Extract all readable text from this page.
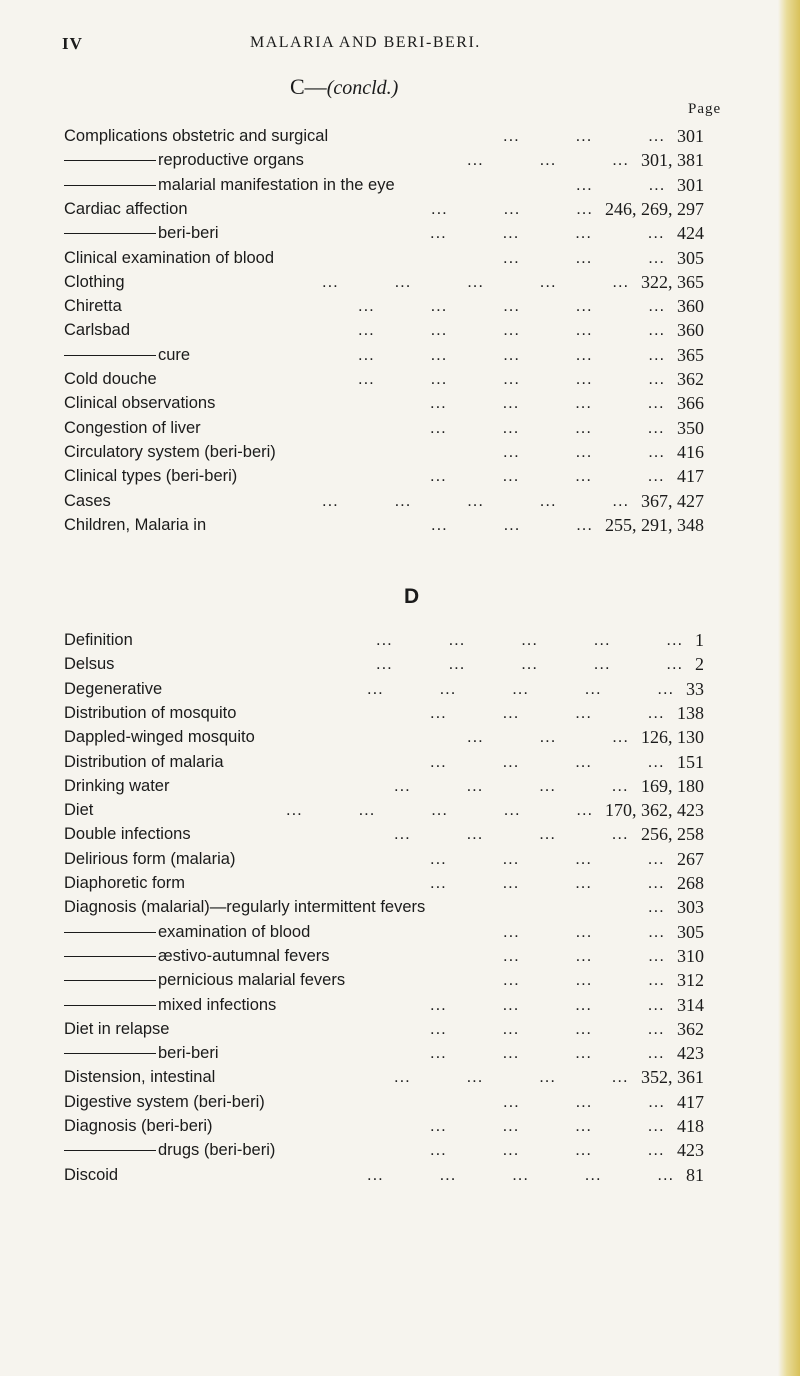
IV	MALARIA AND BERI-BERI.
C—(concld.)
Page
D
Complications obstetric and surgical	...          ...          ... 301
reproductive organs	...          ...          ... 301, 381
malarial manifestation in the eye	...          ... 301
Cardiac affection	...          ...          ... 246, 269, 297
beri-beri	...          ...          ...          ... 424
Clinical examination of blood	...          ...          ... 305
Clothing	...          ...          ...          ...          ... 322, 365
Chiretta	...          ...          ...          ...          ... 360
Carlsbad	...          ...          ...          ...          ... 360
cure	...          ...          ...          ...          ... 365
Cold douche	...          ...          ...          ...          ... 362
Clinical observations	...          ...          ...          ... 366
Congestion of liver	...          ...          ...          ... 350
Circulatory system (beri-beri)	...          ...          ... 416
Clinical types (beri-beri)	...          ...          ...          ... 417
Cases	...          ...          ...          ...          ... 367, 427
Children, Malaria in	...          ...          ... 255, 291, 348
Definition	...          ...          ...          ...          ... 1
Delsus	...          ...          ...          ...          ... 2
Degenerative	...          ...          ...          ...          ... 33
Distribution of mosquito	...          ...          ...          ... 138
Dappled-winged mosquito	...          ...          ... 126, 130
Distribution of malaria	...          ...          ...          ... 151
Drinking water	...          ...          ...          ... 169, 180
Diet	...          ...          ...          ...          ... 170, 362, 423
Double infections	...          ...          ...          ... 256, 258
Delirious form (malaria)	...          ...          ...          ... 267
Diaphoretic form	...          ...          ...          ... 268
Diagnosis (malarial)—regularly intermittent fevers	... 303
examination of blood	...          ...          ... 305
æstivo-autumnal fevers	...          ...          ... 310
pernicious malarial fevers	...          ...          ... 312
mixed infections	...          ...          ...          ... 314
Diet in relapse	...          ...          ...          ... 362
beri-beri	...          ...          ...          ... 423
Distension, intestinal	...          ...          ...          ... 352, 361
Digestive system (beri-beri)	...          ...          ... 417
Diagnosis (beri-beri)	...          ...          ...          ... 418
drugs (beri-beri)	...          ...          ...          ... 423
Discoid	...          ...          ...          ...          ... 81
